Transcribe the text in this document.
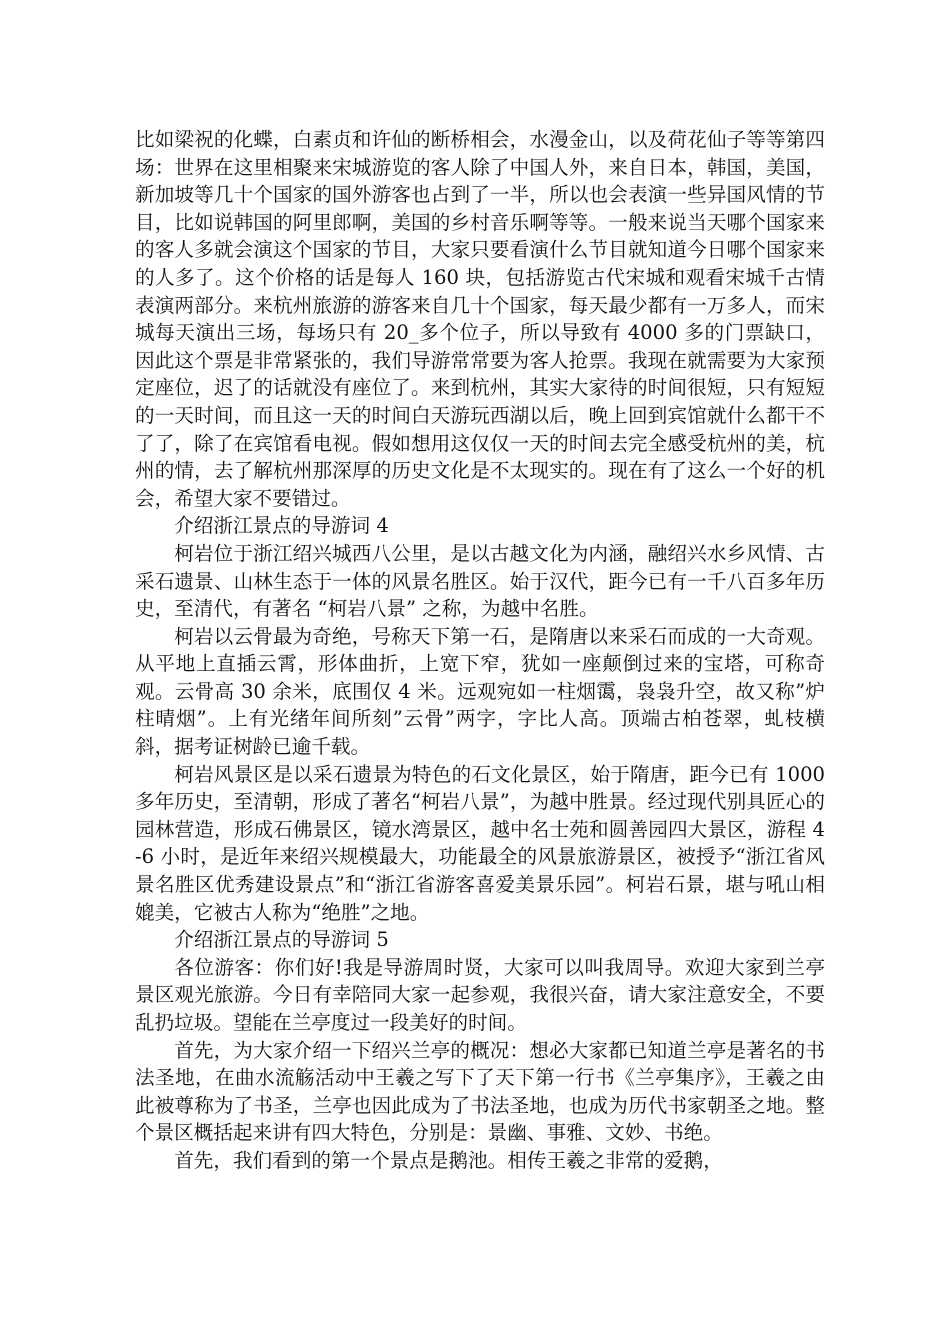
比如梁祝的化蝶，白素贞和许仙的断桥相会，水漫金山，以及荷花仙子等等第四场：世界在这里相聚来宋城游览的客人除了中国人外，来自日本，韩国，美国，新加坡等几十个国家的国外游客也占到了一半，所以也会表演一些异国风情的节目，比如说韩国的阿里郎啊，美国的乡村音乐啊等等。一般来说当天哪个国家来的客人多就会演这个国家的节目，大家只要看演什么节目就知道今日哪个国家来的人多了。这个价格的话是每人 160 块，包括游览古代宋城和观看宋城千古情表演两部分。来杭州旅游的游客来自几十个国家，每天最少都有一万多人，而宋城每天演出三场，每场只有 20_多个位子，所以导致有 4000 多的门票缺口，因此这个票是非常紧张的，我们导游常常要为客人抢票。我现在就需要为大家预定座位，迟了的话就没有座位了。来到杭州，其实大家待的时间很短，只有短短的一天时间，而且这一天的时间白天游玩西湖以后，晚上回到宾馆就什么都干不了了，除了在宾馆看电视。假如想用这仅仅一天的时间去完全感受杭州的美，杭州的情，去了解杭州那深厚的历史文化是不太现实的。现在有了这么一个好的机会，希望大家不要错过。

介绍浙江景点的导游词 4

柯岩位于浙江绍兴城西八公里，是以古越文化为内涵，融绍兴水乡风情、古采石遗景、山林生态于一体的风景名胜区。始于汉代，距今已有一千八百多年历史，至清代，有著名 “柯岩八景” 之称，为越中名胜。

柯岩以云骨最为奇绝，号称天下第一石，是隋唐以来采石而成的一大奇观。从平地上直插云霄，形体曲折，上宽下窄，犹如一座颠倒过来的宝塔，可称奇观。云骨高 30 余米，底围仅 4 米。远观宛如一柱烟霭，袅袅升空，故又称”炉柱晴烟”。上有光绪年间所刻”云骨”两字，字比人高。顶端古柏苍翠，虬枝横斜，据考证树龄已逾千载。

柯岩风景区是以采石遗景为特色的石文化景区，始于隋唐，距今已有 1000 多年历史，至清朝，形成了著名“柯岩八景”，为越中胜景。经过现代别具匠心的园林营造，形成石佛景区，镜水湾景区，越中名士苑和圆善园四大景区，游程 4-6 小时，是近年来绍兴规模最大，功能最全的风景旅游景区，被授予“浙江省风景名胜区优秀建设景点”和“浙江省游客喜爱美景乐园”。柯岩石景，堪与吼山相媲美，它被古人称为“绝胜”之地。

介绍浙江景点的导游词 5

各位游客：你们好!我是导游周时贤，大家可以叫我周导。欢迎大家到兰亭景区观光旅游。今日有幸陪同大家一起参观，我很兴奋，请大家注意安全，不要乱扔垃圾。望能在兰亭度过一段美好的时间。

首先，为大家介绍一下绍兴兰亭的概况：想必大家都已知道兰亭是著名的书法圣地，在曲水流觞活动中王羲之写下了天下第一行书《兰亭集序》，王羲之由此被尊称为了书圣，兰亭也因此成为了书法圣地，也成为历代书家朝圣之地。整个景区概括起来讲有四大特色，分别是：景幽、事雅、文妙、书绝。

首先，我们看到的第一个景点是鹅池。相传王羲之非常的爱鹅，
